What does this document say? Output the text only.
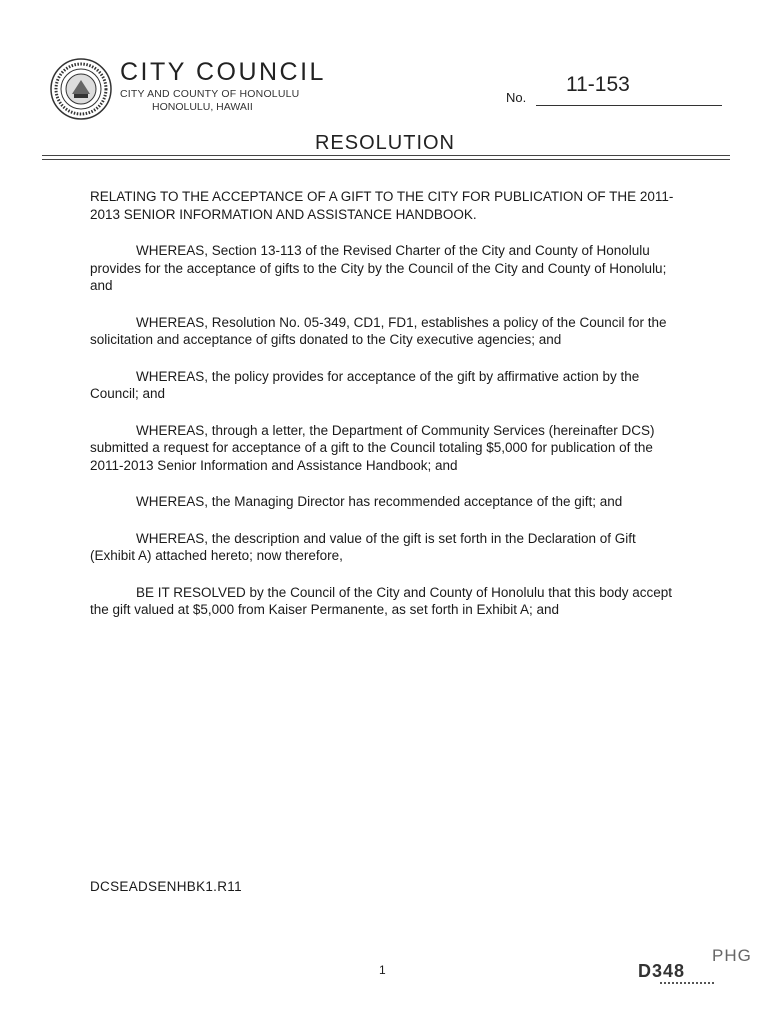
CITY COUNCIL
CITY AND COUNTY OF HONOLULU
HONOLULU, HAWAII
No.
11-153
RESOLUTION

RELATING TO THE ACCEPTANCE OF A GIFT TO THE CITY FOR PUBLICATION OF THE 2011-2013 SENIOR INFORMATION AND ASSISTANCE HANDBOOK.

WHEREAS, Section 13-113 of the Revised Charter of the City and County of Honolulu provides for the acceptance of gifts to the City by the Council of the City and County of Honolulu; and

WHEREAS, Resolution No. 05-349, CD1, FD1, establishes a policy of the Council for the solicitation and acceptance of gifts donated to the City executive agencies; and

WHEREAS, the policy provides for acceptance of the gift by affirmative action by the Council; and

WHEREAS, through a letter, the Department of Community Services (hereinafter DCS) submitted a request for acceptance of a gift to the Council totaling $5,000 for publication of the 2011-2013 Senior Information and Assistance Handbook; and

WHEREAS, the Managing Director has recommended acceptance of the gift; and

WHEREAS, the description and value of the gift is set forth in the Declaration of Gift (Exhibit A) attached hereto; now therefore,

BE IT RESOLVED by the Council of the City and County of Honolulu that this body accept the gift valued at $5,000 from Kaiser Permanente, as set forth in Exhibit A; and

DCSEADSENHBK1.R11
1
PHG
D348
